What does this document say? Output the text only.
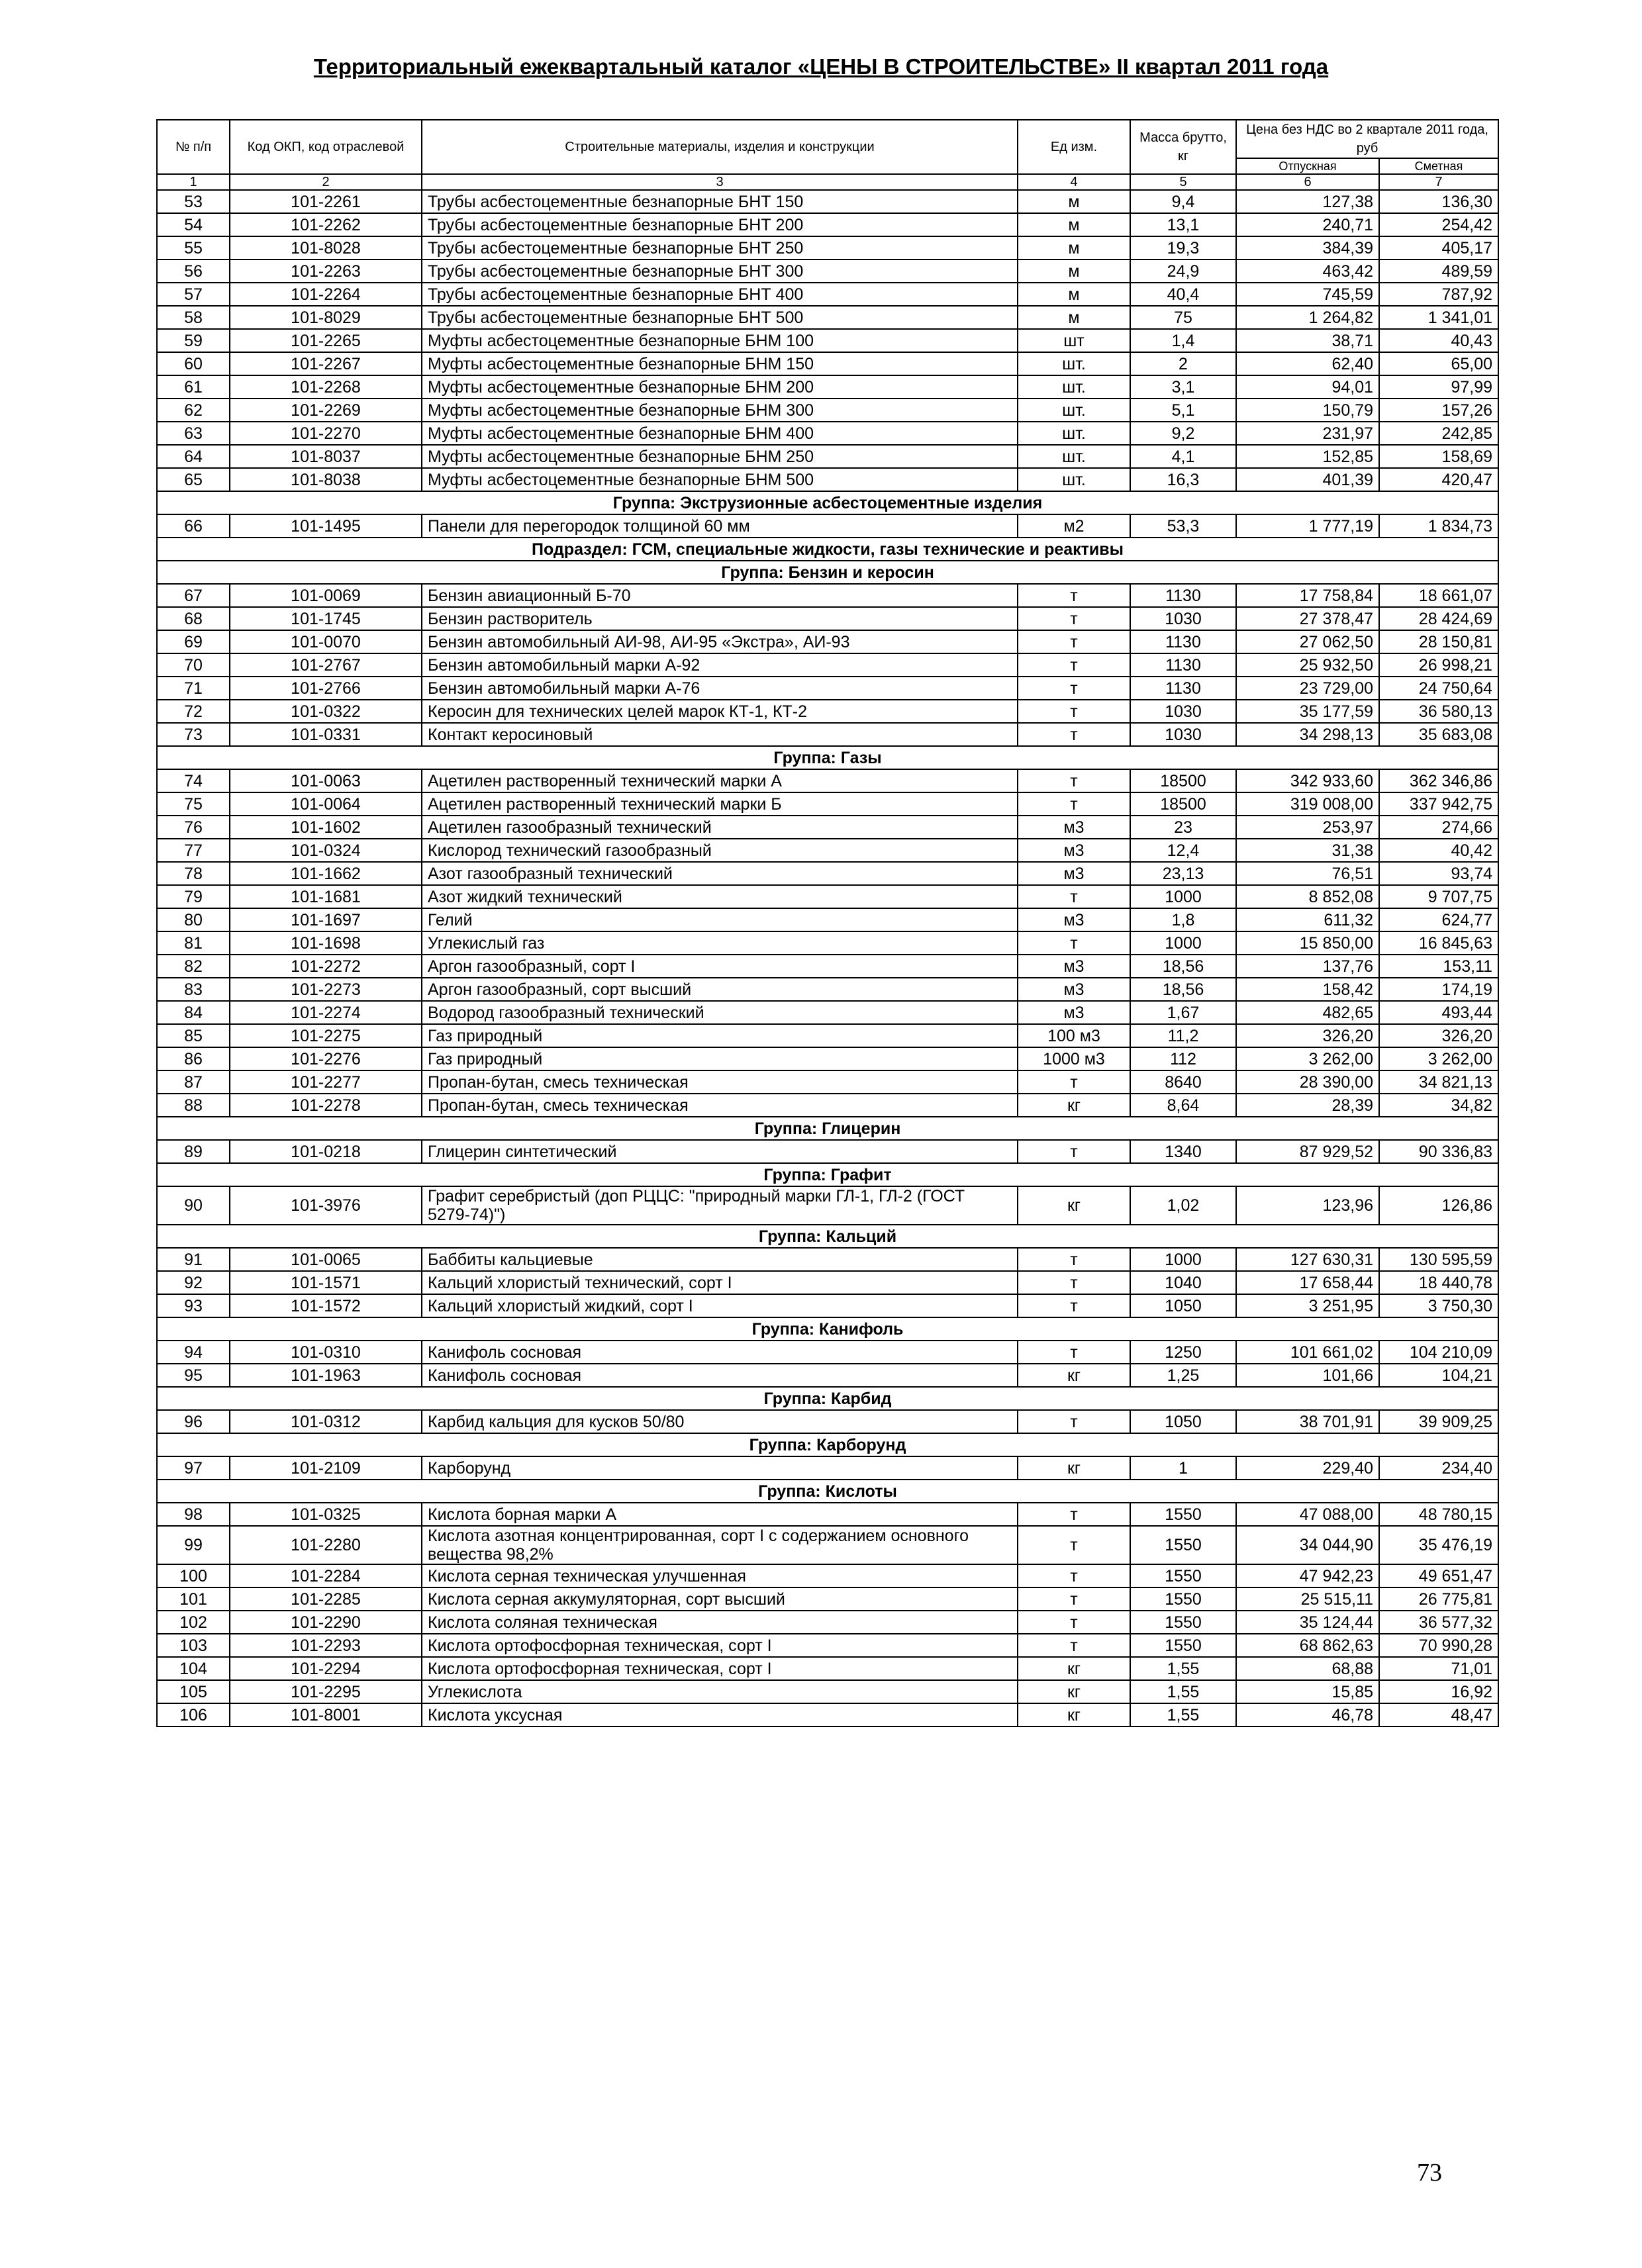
Территориальный ежеквартальный каталог «ЦЕНЫ В СТРОИТЕЛЬСТВЕ» II квартал 2011 года
№ п/п	Код ОКП, код отраслевой	Строительные материалы, изделия и конструкции	Ед изм.	Масса брутто, кг	Цена без НДС во 2 квартале 2011 года, руб	
					Отпускная	Сметная
1	2	3	4	5	6	7
53	101-2261	Трубы асбестоцементные безнапорные БНТ 150	м	9,4	127,38	136,30
54	101-2262	Трубы асбестоцементные безнапорные БНТ 200	м	13,1	240,71	254,42
55	101-8028	Трубы асбестоцементные безнапорные БНТ 250	м	19,3	384,39	405,17
56	101-2263	Трубы асбестоцементные безнапорные БНТ 300	м	24,9	463,42	489,59
57	101-2264	Трубы асбестоцементные безнапорные БНТ 400	м	40,4	745,59	787,92
58	101-8029	Трубы асбестоцементные безнапорные БНТ 500	м	75	1 264,82	1 341,01
59	101-2265	Муфты асбестоцементные безнапорные БНМ 100	шт	1,4	38,71	40,43
60	101-2267	Муфты асбестоцементные безнапорные БНМ 150	шт.	2	62,40	65,00
61	101-2268	Муфты асбестоцементные безнапорные БНМ 200	шт.	3,1	94,01	97,99
62	101-2269	Муфты асбестоцементные безнапорные БНМ 300	шт.	5,1	150,79	157,26
63	101-2270	Муфты асбестоцементные безнапорные БНМ 400	шт.	9,2	231,97	242,85
64	101-8037	Муфты асбестоцементные безнапорные БНМ 250	шт.	4,1	152,85	158,69
65	101-8038	Муфты асбестоцементные безнапорные БНМ 500	шт.	16,3	401,39	420,47
Группа: Экструзионные асбестоцементные изделия						
66	101-1495	Панели для перегородок толщиной 60 мм	м2	53,3	1 777,19	1 834,73
Подраздел: ГСМ, специальные жидкости, газы технические и реактивы						
Группа: Бензин и керосин						
67	101-0069	Бензин авиационный Б-70	т	1130	17 758,84	18 661,07
68	101-1745	Бензин растворитель	т	1030	27 378,47	28 424,69
69	101-0070	Бензин автомобильный АИ-98, АИ-95 «Экстра», АИ-93	т	1130	27 062,50	28 150,81
70	101-2767	Бензин автомобильный марки А-92	т	1130	25 932,50	26 998,21
71	101-2766	Бензин автомобильный марки А-76	т	1130	23 729,00	24 750,64
72	101-0322	Керосин для технических целей марок КТ-1, КТ-2	т	1030	35 177,59	36 580,13
73	101-0331	Контакт керосиновый	т	1030	34 298,13	35 683,08
Группа: Газы						
74	101-0063	Ацетилен растворенный технический марки А	т	18500	342 933,60	362 346,86
75	101-0064	Ацетилен растворенный технический марки Б	т	18500	319 008,00	337 942,75
76	101-1602	Ацетилен газообразный технический	м3	23	253,97	274,66
77	101-0324	Кислород технический газообразный	м3	12,4	31,38	40,42
78	101-1662	Азот газообразный технический	м3	23,13	76,51	93,74
79	101-1681	Азот жидкий технический	т	1000	8 852,08	9 707,75
80	101-1697	Гелий	м3	1,8	611,32	624,77
81	101-1698	Углекислый газ	т	1000	15 850,00	16 845,63
82	101-2272	Аргон газообразный, сорт I	м3	18,56	137,76	153,11
83	101-2273	Аргон газообразный, сорт высший	м3	18,56	158,42	174,19
84	101-2274	Водород газообразный технический	м3	1,67	482,65	493,44
85	101-2275	Газ природный	100 м3	11,2	326,20	326,20
86	101-2276	Газ природный	1000 м3	112	3 262,00	3 262,00
87	101-2277	Пропан-бутан, смесь техническая	т	8640	28 390,00	34 821,13
88	101-2278	Пропан-бутан, смесь техническая	кг	8,64	28,39	34,82
Группа: Глицерин						
89	101-0218	Глицерин синтетический	т	1340	87 929,52	90 336,83
Группа: Графит						
90	101-3976	Графит серебристый (доп РЦЦС: "природный марки ГЛ-1, ГЛ-2 (ГОСТ 5279-74)")	кг	1,02	123,96	126,86
Группа: Кальций						
91	101-0065	Баббиты кальциевые	т	1000	127 630,31	130 595,59
92	101-1571	Кальций хлористый технический, сорт I	т	1040	17 658,44	18 440,78
93	101-1572	Кальций хлористый жидкий, сорт I	т	1050	3 251,95	3 750,30
Группа: Канифоль						
94	101-0310	Канифоль сосновая	т	1250	101 661,02	104 210,09
95	101-1963	Канифоль сосновая	кг	1,25	101,66	104,21
Группа: Карбид						
96	101-0312	Карбид кальция для кусков 50/80	т	1050	38 701,91	39 909,25
Группа: Карборунд						
97	101-2109	Карборунд	кг	1	229,40	234,40
Группа: Кислоты						
98	101-0325	Кислота борная марки А	т	1550	47 088,00	48 780,15
99	101-2280	Кислота азотная концентрированная, сорт I с содержанием основного вещества 98,2%	т	1550	34 044,90	35 476,19
100	101-2284	Кислота серная техническая улучшенная	т	1550	47 942,23	49 651,47
101	101-2285	Кислота серная аккумуляторная, сорт высший	т	1550	25 515,11	26 775,81
102	101-2290	Кислота соляная техническая	т	1550	35 124,44	36 577,32
103	101-2293	Кислота ортофосфорная техническая, сорт I	т	1550	68 862,63	70 990,28
104	101-2294	Кислота ортофосфорная техническая, сорт I	кг	1,55	68,88	71,01
105	101-2295	Углекислота	кг	1,55	15,85	16,92
106	101-8001	Кислота уксусная	кг	1,55	46,78	48,47
73
